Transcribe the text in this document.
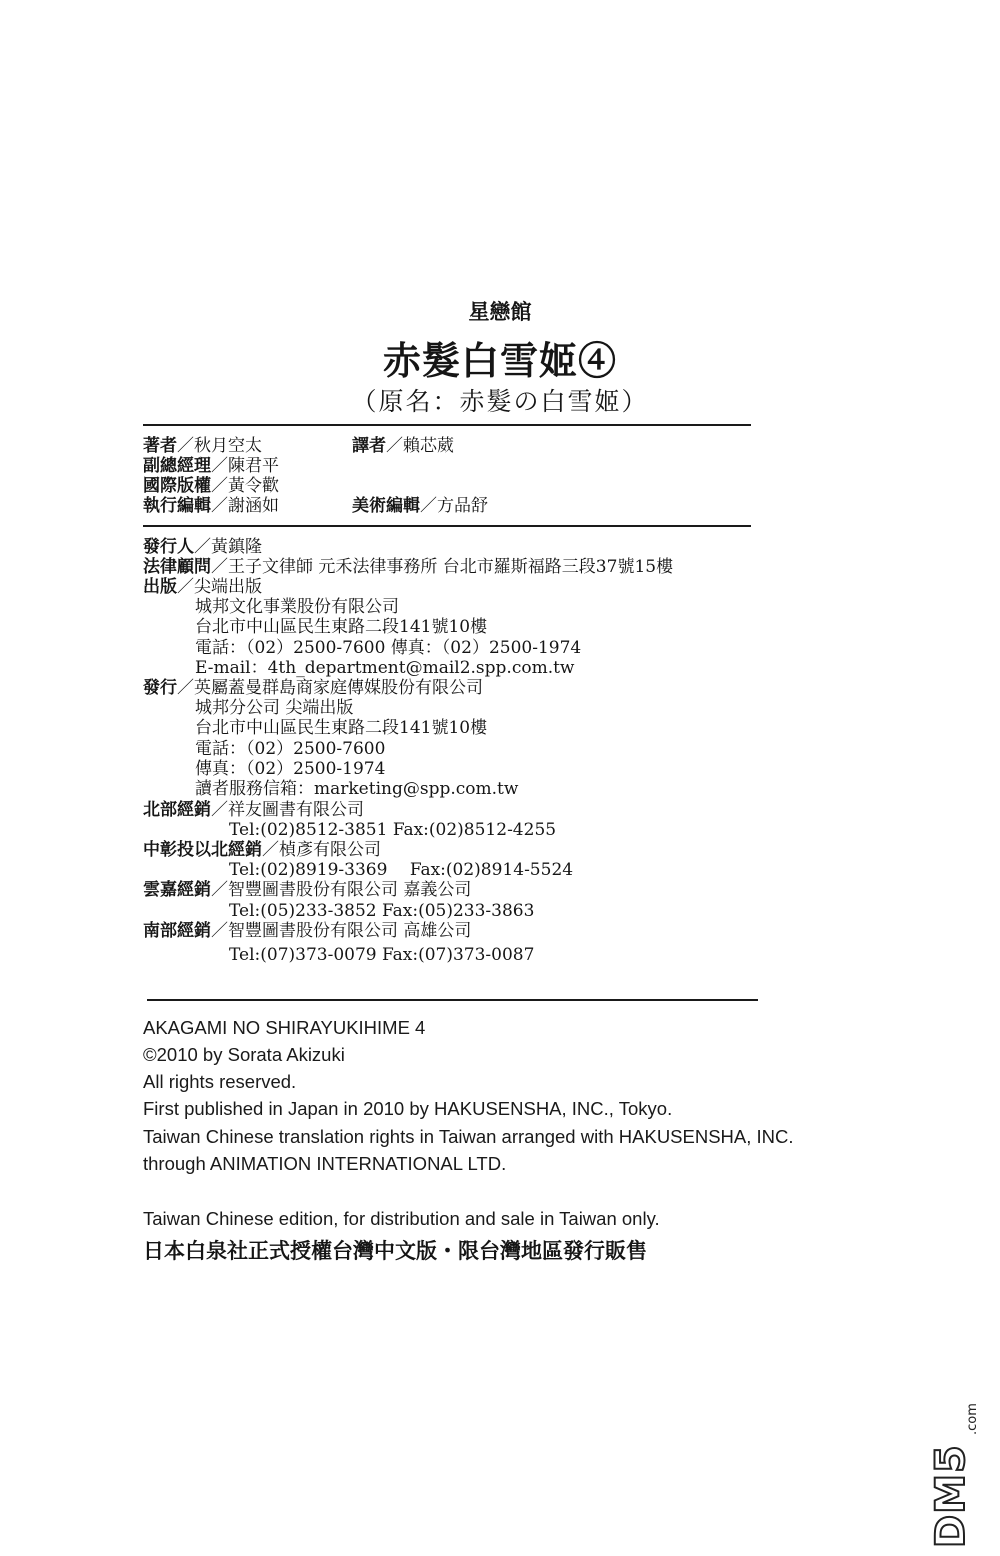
星戀館
赤髮白雪姬④
（原名：赤髮の白雪姬）
著者／秋月空太	譯者／賴芯葳
副總經理／陳君平
國際版權／黃令歡
執行編輯／謝涵如	美術編輯／方品舒
發行人／黃鎮隆
法律顧問／王子文律師 元禾法律事務所 台北市羅斯福路三段37號15樓
出版／尖端出版
城邦文化事業股份有限公司
台北市中山區民生東路二段141號10樓
電話：（02）2500-7600 傳真：（02）2500-1974
E-mail：4th_department@mail2.spp.com.tw
發行／英屬蓋曼群島商家庭傳媒股份有限公司
城邦分公司 尖端出版
台北市中山區民生東路二段141號10樓
電話：（02）2500-7600
傳真：（02）2500-1974
讀者服務信箱：marketing@spp.com.tw
北部經銷／祥友圖書有限公司
Tel:(02)8512-3851 Fax:(02)8512-4255
中彰投以北經銷／楨彥有限公司
Tel:(02)8919-3369　 Fax:(02)8914-5524
雲嘉經銷／智豐圖書股份有限公司 嘉義公司
Tel:(05)233-3852 Fax:(05)233-3863
南部經銷／智豐圖書股份有限公司 高雄公司
Tel:(07)373-0079 Fax:(07)373-0087
AKAGAMI NO SHIRAYUKIHIME 4
©2010 by Sorata Akizuki
All rights reserved.
First published in Japan in 2010 by HAKUSENSHA, INC., Tokyo.
Taiwan Chinese translation rights in Taiwan arranged with HAKUSENSHA, INC.
through ANIMATION INTERNATIONAL LTD.
Taiwan Chinese edition, for distribution and sale in Taiwan only.
日本白泉社正式授權台灣中文版・限台灣地區發行販售
DM5
.com
